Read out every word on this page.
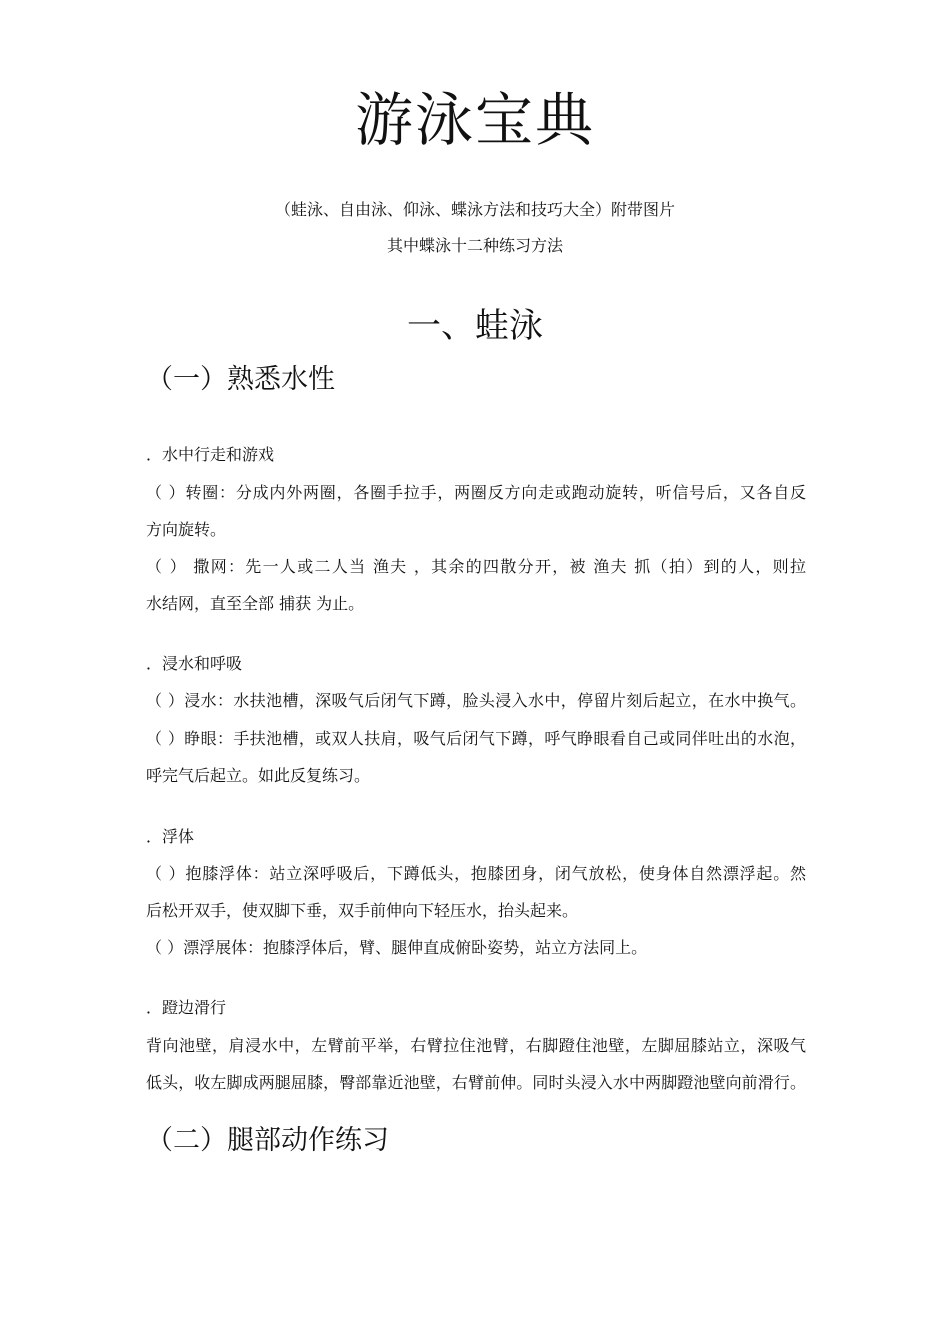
游泳宝典

（蛙泳、自由泳、仰泳、蝶泳方法和技巧大全）附带图片

其中蝶泳十二种练习方法

一、蛙泳
（一）熟悉水性

．水中行走和游戏

（ ）转圈：分成内外两圈，各圈手拉手，两圈反方向走或跑动旋转，听信号后，又各自反

方向旋转。

（ ） 撒网：先一人或二人当 渔夫 ，其余的四散分开，被 渔夫 抓（拍）到的人，则拉

水结网，直至全部 捕获 为止。

．浸水和呼吸

（ ）浸水：水扶池槽，深吸气后闭气下蹲，脸头浸入水中，停留片刻后起立，在水中换气。

（ ）睁眼：手扶池槽，或双人扶肩，吸气后闭气下蹲，呼气睁眼看自己或同伴吐出的水泡，

呼完气后起立。如此反复练习。

．浮体

（ ）抱膝浮体：站立深呼吸后，下蹲低头，抱膝团身，闭气放松，使身体自然漂浮起。然

后松开双手，使双脚下垂，双手前伸向下轻压水，抬头起来。

（ ）漂浮展体：抱膝浮体后，臂、腿伸直成俯卧姿势，站立方法同上。

．蹬边滑行

背向池壁，肩浸水中，左臂前平举，右臂拉住池臂，右脚蹬住池壁，左脚屈膝站立，深吸气

低头，收左脚成两腿屈膝，臀部靠近池壁，右臂前伸。同时头浸入水中两脚蹬池壁向前滑行。

（二）腿部动作练习
